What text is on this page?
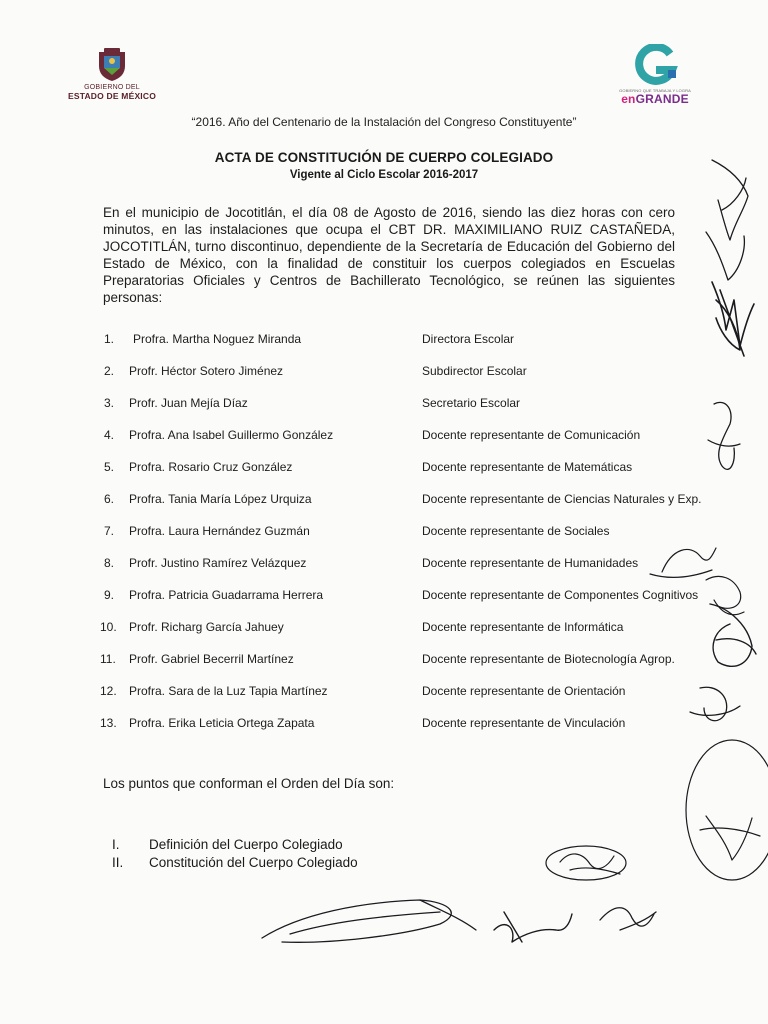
GOBIERNO DEL
ESTADO DE MÉXICO
GOBIERNO QUE TRABAJA Y LOGRA
enGRANDE
“2016. Año del Centenario de la Instalación del Congreso Constituyente”
ACTA DE CONSTITUCIÓN DE CUERPO COLEGIADO
Vigente al Ciclo Escolar 2016-2017
En el municipio de Jocotitlán, el día 08 de Agosto de 2016, siendo las diez horas con cero minutos, en las instalaciones que ocupa el CBT DR. MAXIMILIANO RUIZ CASTAÑEDA, JOCOTITLÁN, turno discontinuo, dependiente de la Secretaría de Educación del Gobierno del Estado de México, con la finalidad de constituir los cuerpos colegiados en Escuelas Preparatorias Oficiales y Centros de Bachillerato Tecnológico, se reúnen las siguientes personas:
1.	Profra. Martha Noguez Miranda	Directora Escolar
2.	Profr. Héctor Sotero Jiménez	Subdirector Escolar
3.	Profr. Juan Mejía Díaz	Secretario Escolar
4.	Profra. Ana Isabel Guillermo González	Docente representante de Comunicación
5.	Profra. Rosario Cruz González	Docente representante de Matemáticas
6.	Profra. Tania María López Urquiza	Docente representante de Ciencias Naturales y Exp.
7.	Profra. Laura Hernández Guzmán	Docente representante de Sociales
8.	Profr. Justino Ramírez Velázquez	Docente representante de Humanidades
9.	Profra. Patricia Guadarrama Herrera	Docente representante de Componentes Cognitivos
10.	Profr. Richarg García Jahuey	Docente representante de Informática
11.	Profr. Gabriel Becerril Martínez	Docente representante de Biotecnología Agrop.
12.	Profra. Sara de la Luz Tapia Martínez	Docente representante de Orientación
13.	Profra. Erika Leticia Ortega Zapata	Docente representante de Vinculación
Los puntos que conforman el Orden del Día son:
I.	Definición del Cuerpo Colegiado
II.	Constitución del Cuerpo Colegiado
